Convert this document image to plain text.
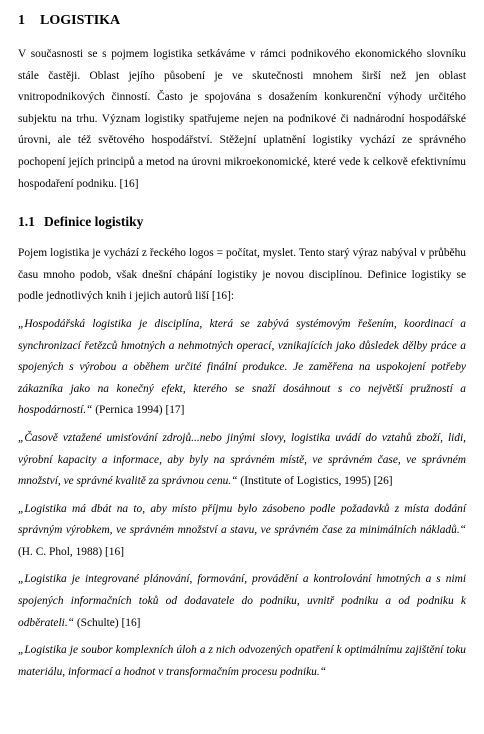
1	LOGISTIKA

V současnosti se s pojmem logistika setkáváme v rámci podnikového ekonomického slovníku stále častěji. Oblast jejího působení je ve skutečnosti mnohem širší než jen oblast vnitropodnikových činností. Často je spojována s dosažením konkurenční výhody určitého subjektu na trhu. Význam logistiky spatřujeme nejen na podnikové či nadnárodní hospodářské úrovni, ale též světového hospodářství. Stěžejní uplatnění logistiky vychází ze správného pochopení jejích principů a metod na úrovni mikroekonomické, které vede k celkově efektivnímu hospodaření podniku. [16]

1.1 Definice logistiky

Pojem logistika je vychází z řeckého logos = počítat, myslet. Tento starý výraz nabýval v průběhu času mnoho podob, však dnešní chápání logistiky je novou disciplínou. Definice logistiky se podle jednotlivých knih i jejich autorů liší [16]:

„Hospodářská logistika je disciplína, která se zabývá systémovým řešením, koordinací a synchronizací řetězců hmotných a nehmotných operací, vznikajících jako důsledek dělby práce a spojených s výrobou a oběhem určité finální produkce. Je zaměřena na uspokojení potřeby zákazníka jako na konečný efekt, kterého se snaží dosáhnout s co největší pružností a hospodárností.“ (Pernica 1994) [17]
„Časově vztažené umisťování zdrojů...nebo jinými slovy, logistika uvádí do vztahů zboží, lidi, výrobní kapacity a informace, aby byly na správném místě, ve správném čase, ve správném množství, ve správné kvalitě za správnou cenu.“ (Institute of Logistics, 1995) [26]
„Logistika má dbát na to, aby místo příjmu bylo zásobeno podle požadavků z místa dodání správným výrobkem, ve správném množství a stavu, ve správném čase za minimálních nákladů.“ (H. C. Phol, 1988) [16]
„Logistika je integrované plánování, formování, provádění a kontrolování hmotných a s nimi spojených informačních toků od dodavatele do podniku, uvnitř podniku a od podniku k odběrateli.“ (Schulte) [16]
„Logistika je soubor komplexních úloh a z nich odvozených opatření k optimálnímu zajištění toku materiálu, informací a hodnot v transformačním procesu podniku.“
